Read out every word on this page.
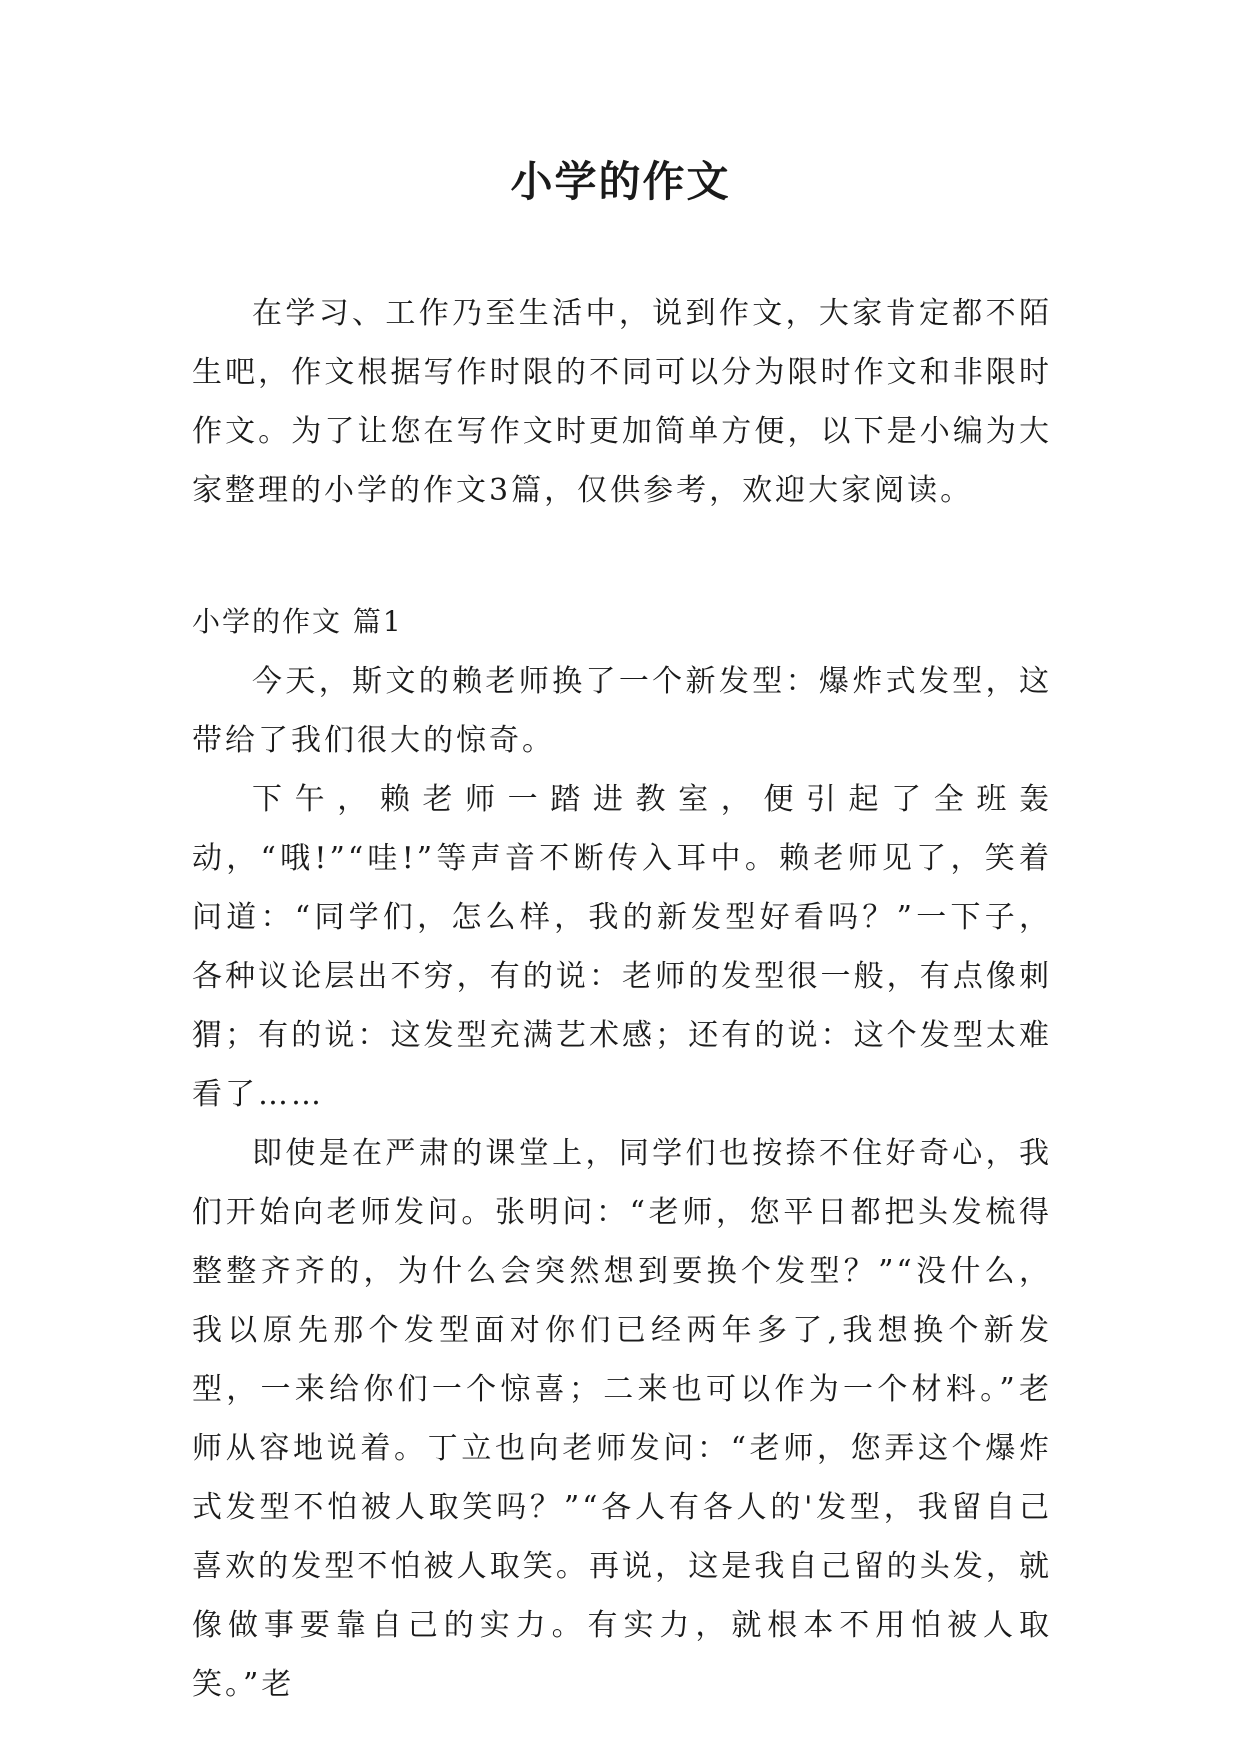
小学的作文

在学习、工作乃至生活中，说到作文，大家肯定都不陌生吧，作文根据写作时限的不同可以分为限时作文和非限时作文。为了让您在写作文时更加简单方便，以下是小编为大家整理的小学的作文3篇，仅供参考，欢迎大家阅读。

小学的作文 篇1

今天，斯文的赖老师换了一个新发型：爆炸式发型，这带给了我们很大的惊奇。

下午，赖老师一踏进教室，便引起了全班轰动，“哦!”“哇!”等声音不断传入耳中。赖老师见了，笑着问道：“同学们，怎么样，我的新发型好看吗？”一下子，各种议论层出不穷，有的说：老师的发型很一般，有点像刺猬；有的说：这发型充满艺术感；还有的说：这个发型太难看了……

即使是在严肃的课堂上，同学们也按捺不住好奇心，我们开始向老师发问。张明问：“老师，您平日都把头发梳得整整齐齐的，为什么会突然想到要换个发型？”“没什么，我以原先那个发型面对你们已经两年多了,我想换个新发型，一来给你们一个惊喜；二来也可以作为一个材料。”老师从容地说着。丁立也向老师发问：“老师，您弄这个爆炸式发型不怕被人取笑吗？”“各人有各人的'发型，我留自己喜欢的发型不怕被人取笑。再说，这是我自己留的头发，就像做事要靠自己的实力。有实力，就根本不用怕被人取笑。”老
